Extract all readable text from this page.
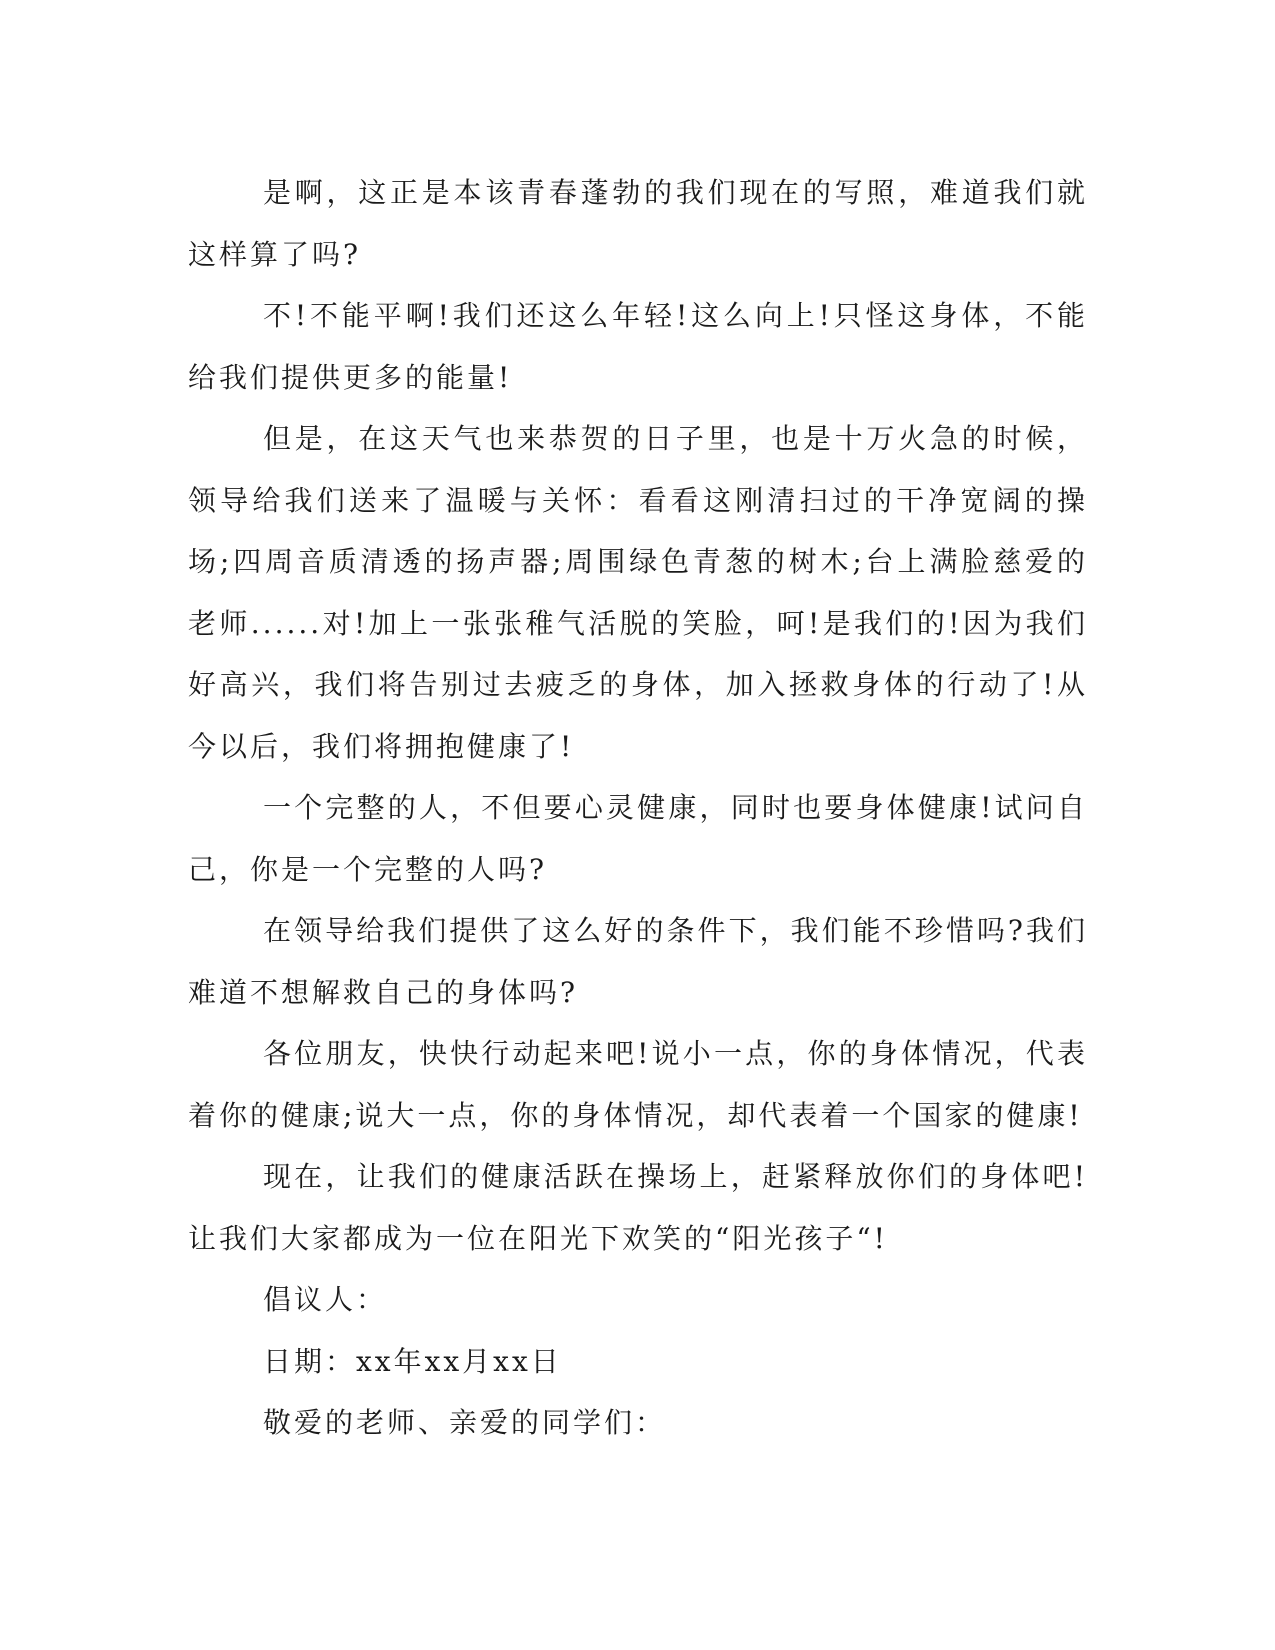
是啊，这正是本该青春蓬勃的我们现在的写照，难道我们就这样算了吗?

不!不能平啊!我们还这么年轻!这么向上!只怪这身体，不能给我们提供更多的能量!

但是，在这天气也来恭贺的日子里，也是十万火急的时候，领导给我们送来了温暖与关怀：看看这刚清扫过的干净宽阔的操场;四周音质清透的扬声器;周围绿色青葱的树木;台上满脸慈爱的老师......对!加上一张张稚气活脱的笑脸，呵!是我们的!因为我们好高兴，我们将告别过去疲乏的身体，加入拯救身体的行动了!从今以后，我们将拥抱健康了!

一个完整的人，不但要心灵健康，同时也要身体健康!试问自己，你是一个完整的人吗?

在领导给我们提供了这么好的条件下，我们能不珍惜吗?我们难道不想解救自己的身体吗?

各位朋友，快快行动起来吧!说小一点，你的身体情况，代表着你的健康;说大一点，你的身体情况，却代表着一个国家的健康!

现在，让我们的健康活跃在操场上，赶紧释放你们的身体吧!让我们大家都成为一位在阳光下欢笑的“阳光孩子“!

倡议人：

日期：xx年xx月xx日

敬爱的老师、亲爱的同学们：
